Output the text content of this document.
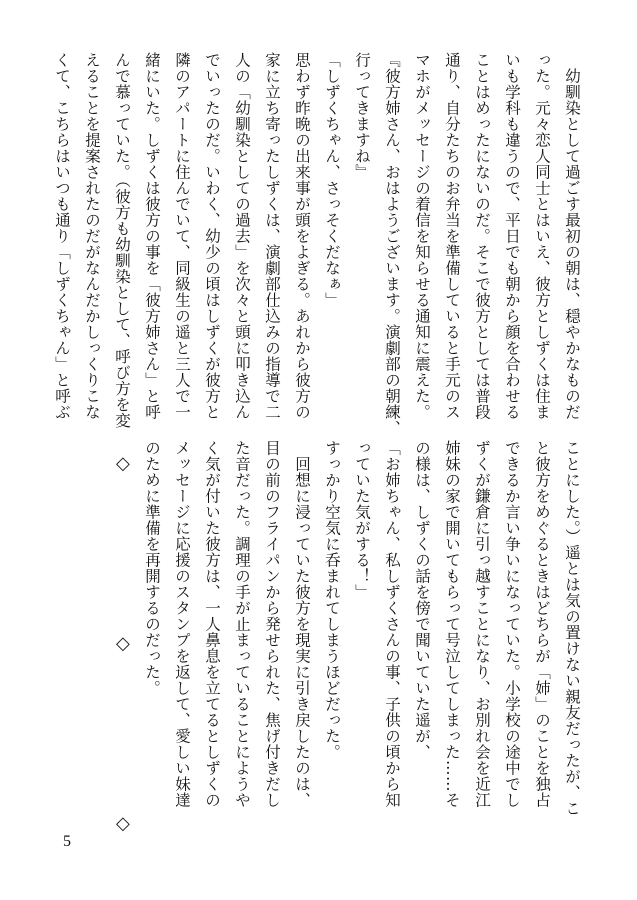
　幼馴染として過ごす最初の朝は、穏やかなものだ
った。元々恋人同士とはいえ、彼方としずくは住ま
いも学科も違うので、平日でも朝から顔を合わせる
ことはめったにないのだ。そこで彼方としては普段
通り、自分たちのお弁当を準備していると手元のス
マホがメッセージの着信を知らせる通知に震えた。
『彼方姉さん、おはようございます。演劇部の朝練、
行ってきますね』
「しずくちゃん、さっそくだなぁ」
思わず昨晩の出来事が頭をよぎる。あれから彼方の
家に立ち寄ったしずくは、演劇部仕込みの指導で二
人の「幼馴染としての過去」を次々と頭に叩き込ん
でいったのだ。いわく、幼少の頃はしずくが彼方と
隣のアパートに住んでいて、同級生の遥と三人で一
緒にいた。しずくは彼方の事を「彼方姉さん」と呼
んで慕っていた。（彼方も幼馴染として、呼び方を変
えることを提案されたのだがなんだかしっくりこな
くて、こちらはいつも通り「しずくちゃん」と呼ぶ
ことにした。）遥とは気の置けない親友だったが、こ
と彼方をめぐるときはどちらが「姉」のことを独占
できるか言い争いになっていた。小学校の途中でし
ずくが鎌倉に引っ越すことになり、お別れ会を近江
姉妹の家で開いてもらって号泣してしまった……そ
の様は、しずくの話を傍で聞いていた遥が、
「お姉ちゃん、私しずくさんの事、子供の頃から知
っていた気がする！」
すっかり空気に呑まれてしまうほどだった。
　回想に浸っていた彼方を現実に引き戻したのは、
目の前のフライパンから発せられた、焦げ付きだし
た音だった。調理の手が止まっていることにようや
く気が付いた彼方は、一人鼻息を立てるとしずくの
メッセージに応援のスタンプを返して、愛しい妹達
のために準備を再開するのだった。
◇
◇
◇
5
